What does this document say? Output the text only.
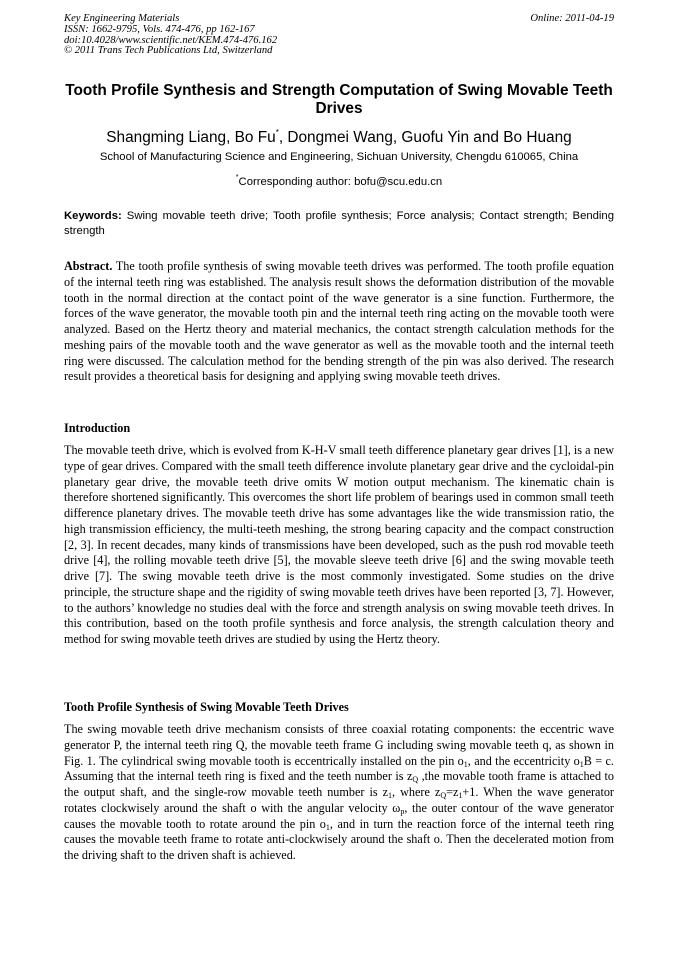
Key Engineering Materials
ISSN: 1662-9795, Vols. 474-476, pp 162-167
doi:10.4028/www.scientific.net/KEM.474-476.162
© 2011 Trans Tech Publications Ltd, Switzerland
Online: 2011-04-19
Tooth Profile Synthesis and Strength Computation of Swing Movable Teeth Drives
Shangming Liang, Bo Fu*, Dongmei Wang, Guofu Yin and Bo Huang
School of Manufacturing Science and Engineering, Sichuan University, Chengdu 610065, China
*Corresponding author: bofu@scu.edu.cn
Keywords: Swing movable teeth drive; Tooth profile synthesis; Force analysis; Contact strength; Bending strength
Abstract. The tooth profile synthesis of swing movable teeth drives was performed. The tooth profile equation of the internal teeth ring was established. The analysis result shows the deformation distribution of the movable tooth in the normal direction at the contact point of the wave generator is a sine function. Furthermore, the forces of the wave generator, the movable tooth pin and the internal teeth ring acting on the movable tooth were analyzed. Based on the Hertz theory and material mechanics, the contact strength calculation methods for the meshing pairs of the movable tooth and the wave generator as well as the movable tooth and the internal teeth ring were discussed. The calculation method for the bending strength of the pin was also derived. The research result provides a theoretical basis for designing and applying swing movable teeth drives.
Introduction
The movable teeth drive, which is evolved from K-H-V small teeth difference planetary gear drives [1], is a new type of gear drives. Compared with the small teeth difference involute planetary gear drive and the cycloidal-pin planetary gear drive, the movable teeth drive omits W motion output mechanism. The kinematic chain is therefore shortened significantly. This overcomes the short life problem of bearings used in common small teeth difference planetary drives. The movable teeth drive has some advantages like the wide transmission ratio, the high transmission efficiency, the multi-teeth meshing, the strong bearing capacity and the compact construction [2, 3]. In recent decades, many kinds of transmissions have been developed, such as the push rod movable teeth drive [4], the rolling movable teeth drive [5], the movable sleeve teeth drive [6] and the swing movable teeth drive [7]. The swing movable teeth drive is the most commonly investigated. Some studies on the drive principle, the structure shape and the rigidity of swing movable teeth drives have been reported [3, 7]. However, to the authors’ knowledge no studies deal with the force and strength analysis on swing movable teeth drives. In this contribution, based on the tooth profile synthesis and force analysis, the strength calculation theory and method for swing movable teeth drives are studied by using the Hertz theory.
Tooth Profile Synthesis of Swing Movable Teeth Drives
The swing movable teeth drive mechanism consists of three coaxial rotating components: the eccentric wave generator P, the internal teeth ring Q, the movable teeth frame G including swing movable teeth q, as shown in Fig. 1. The cylindrical swing movable tooth is eccentrically installed on the pin $o_1$, and the eccentricity $o_1B = c$. Assuming that the internal teeth ring is fixed and the teeth number is $z_Q$ ,the movable tooth frame is attached to the output shaft, and the single-row movable teeth number is $z_1$, where $z_Q=z_1+1$. When the wave generator rotates clockwisely around the shaft o with the angular velocity $\omega_p$, the outer contour of the wave generator causes the movable tooth to rotate around the pin $o_1$, and in turn the reaction force of the internal teeth ring causes the movable teeth frame to rotate anti-clockwisely around the shaft o. Then the decelerated motion from the driving shaft to the driven shaft is achieved.
